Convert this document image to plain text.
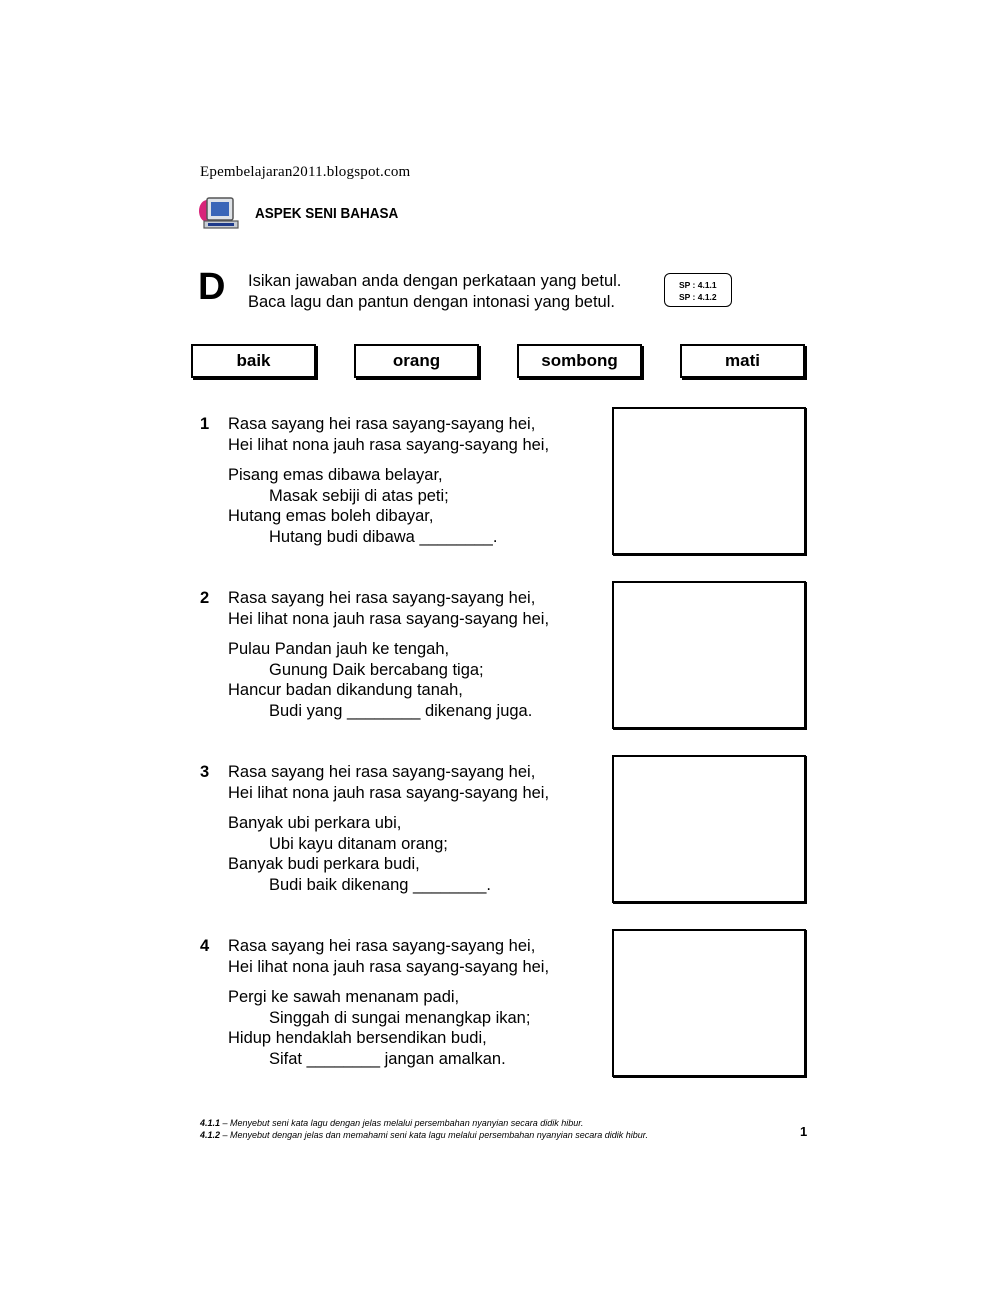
Epembelajaran2011.blogspot.com
ASPEK SENI BAHASA
D Isikan jawaban anda dengan perkataan yang betul.
Baca lagu dan pantun dengan intonasi yang betul.
SP : 4.1.1
SP : 4.1.2
baik	orang	sombong	mati
1 Rasa sayang hei rasa sayang-sayang hei,
Hei lihat nona jauh rasa sayang-sayang hei,
Pisang emas dibawa belayar,
Masak sebiji di atas peti;
Hutang emas boleh dibayar,
Hutang budi dibawa ________.
2 Rasa sayang hei rasa sayang-sayang hei,
Hei lihat nona jauh rasa sayang-sayang hei,
Pulau Pandan jauh ke tengah,
Gunung Daik bercabang tiga;
Hancur badan dikandung tanah,
Budi yang ________ dikenang juga.
3 Rasa sayang hei rasa sayang-sayang hei,
Hei lihat nona jauh rasa sayang-sayang hei,
Banyak ubi perkara ubi,
Ubi kayu ditanam orang;
Banyak budi perkara budi,
Budi baik dikenang ________.
4 Rasa sayang hei rasa sayang-sayang hei,
Hei lihat nona jauh rasa sayang-sayang hei,
Pergi ke sawah menanam padi,
Singgah di sungai menangkap ikan;
Hidup hendaklah bersendikan budi,
Sifat ________ jangan amalkan.
4.1.1 – Menyebut seni kata lagu dengan jelas melalui persembahan nyanyian secara didik hibur.
4.1.2 – Menyebut dengan jelas dan memahami seni kata lagu melalui persembahan nyanyian secara didik hibur.	1
